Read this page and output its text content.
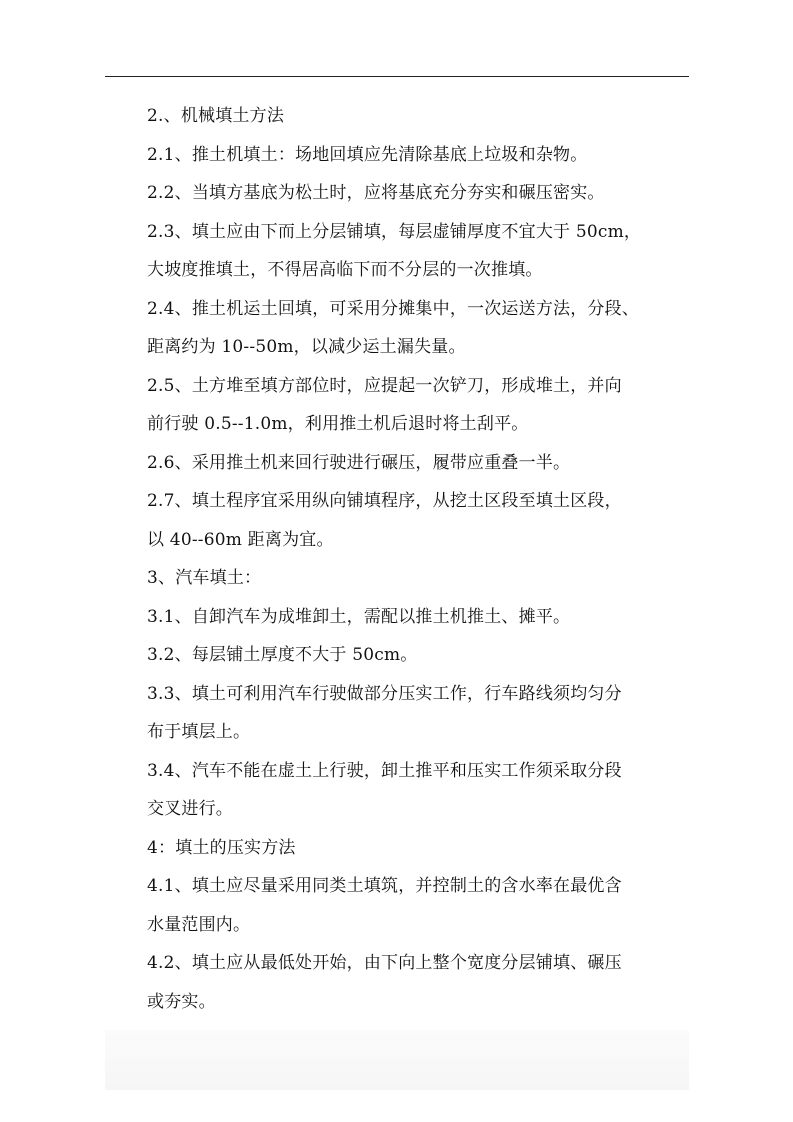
2.、机械填土方法
2.1、推土机填土：场地回填应先清除基底上垃圾和杂物。
2.2、当填方基底为松土时，应将基底充分夯实和碾压密实。
2.3、填土应由下而上分层铺填，每层虚铺厚度不宜大于 50cm，
大坡度推填土，不得居高临下而不分层的一次推填。
2.4、推土机运土回填，可采用分摊集中，一次运送方法，分段、
距离约为 10--50m，以减少运土漏失量。
2.5、土方堆至填方部位时，应提起一次铲刀，形成堆土，并向
前行驶 0.5--1.0m，利用推土机后退时将土刮平。
2.6、采用推土机来回行驶进行碾压，履带应重叠一半。
2.7、填土程序宜采用纵向铺填程序，从挖土区段至填土区段，
以 40--60m 距离为宜。
3、汽车填土：
3.1、自卸汽车为成堆卸土，需配以推土机推土、摊平。
3.2、每层铺土厚度不大于 50cm。
3.3、填土可利用汽车行驶做部分压实工作，行车路线须均匀分
布于填层上。
3.4、汽车不能在虚土上行驶，卸土推平和压实工作须采取分段
交叉进行。
4：填土的压实方法
4.1、填土应尽量采用同类土填筑，并控制土的含水率在最优含
水量范围内。
4.2、填土应从最低处开始，由下向上整个宽度分层铺填、碾压
或夯实。
